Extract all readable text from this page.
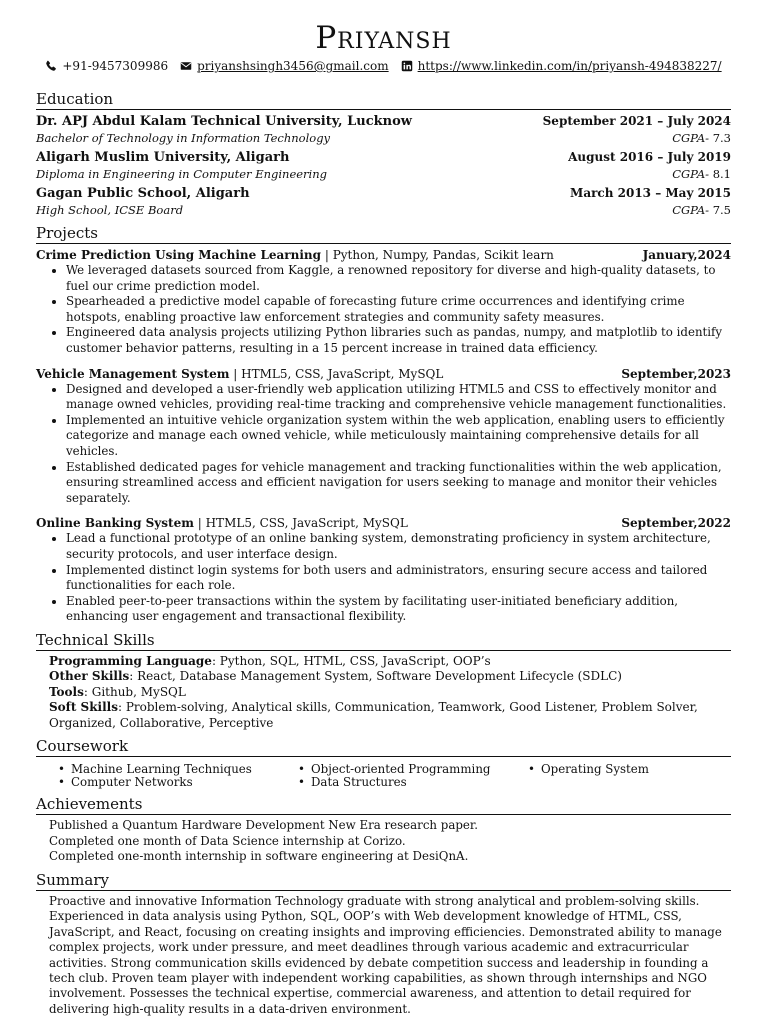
Priyansh
+91-9457309986 priyanshsingh3456@gmail.com https://www.linkedin.com/in/priyansh-494838227/
Education
Dr. APJ Abdul Kalam Technical University, Lucknow	September 2021 – July 2024
Bachelor of Technology in Information Technology	CGPA- 7.3
Aligarh Muslim University, Aligarh	August 2016 – July 2019
Diploma in Engineering in Computer Engineering	CGPA- 8.1
Gagan Public School, Aligarh	March 2013 – May 2015
High School, ICSE Board	CGPA- 7.5
Projects
Crime Prediction Using Machine Learning | Python, Numpy, Pandas, Scikit learn	January,2024
• We leveraged datasets sourced from Kaggle, a renowned repository for diverse and high-quality datasets, to fuel our crime prediction model.
• Spearheaded a predictive model capable of forecasting future crime occurrences and identifying crime hotspots, enabling proactive law enforcement strategies and community safety measures.
• Engineered data analysis projects utilizing Python libraries such as pandas, numpy, and matplotlib to identify customer behavior patterns, resulting in a 15 percent increase in trained data efficiency.
Vehicle Management System | HTML5, CSS, JavaScript, MySQL	September,2023
• Designed and developed a user-friendly web application utilizing HTML5 and CSS to effectively monitor and manage owned vehicles, providing real-time tracking and comprehensive vehicle management functionalities.
• Implemented an intuitive vehicle organization system within the web application, enabling users to efficiently categorize and manage each owned vehicle, while meticulously maintaining comprehensive details for all vehicles.
• Established dedicated pages for vehicle management and tracking functionalities within the web application, ensuring streamlined access and efficient navigation for users seeking to manage and monitor their vehicles separately.
Online Banking System | HTML5, CSS, JavaScript, MySQL	September,2022
• Lead a functional prototype of an online banking system, demonstrating proficiency in system architecture, security protocols, and user interface design.
• Implemented distinct login systems for both users and administrators, ensuring secure access and tailored functionalities for each role.
• Enabled peer-to-peer transactions within the system by facilitating user-initiated beneficiary addition, enhancing user engagement and transactional flexibility.
Technical Skills
Programming Language: Python, SQL, HTML, CSS, JavaScript, OOP’s
Other Skills: React, Database Management System, Software Development Lifecycle (SDLC)
Tools: Github, MySQL
Soft Skills: Problem-solving, Analytical skills, Communication, Teamwork, Good Listener, Problem Solver, Organized, Collaborative, Perceptive
Coursework
• Machine Learning Techniques	• Object-oriented Programming	• Operating System
• Computer Networks	• Data Structures
Achievements
Published a Quantum Hardware Development New Era research paper.
Completed one month of Data Science internship at Corizo.
Completed one-month internship in software engineering at DesiQnA.
Summary
Proactive and innovative Information Technology graduate with strong analytical and problem-solving skills. Experienced in data analysis using Python, SQL, OOP’s with Web development knowledge of HTML, CSS, JavaScript, and React, focusing on creating insights and improving efficiencies. Demonstrated ability to manage complex projects, work under pressure, and meet deadlines through various academic and extracurricular activities. Strong communication skills evidenced by debate competition success and leadership in founding a tech club. Proven team player with independent working capabilities, as shown through internships and NGO involvement. Possesses the technical expertise, commercial awareness, and attention to detail required for delivering high-quality results in a data-driven environment.
